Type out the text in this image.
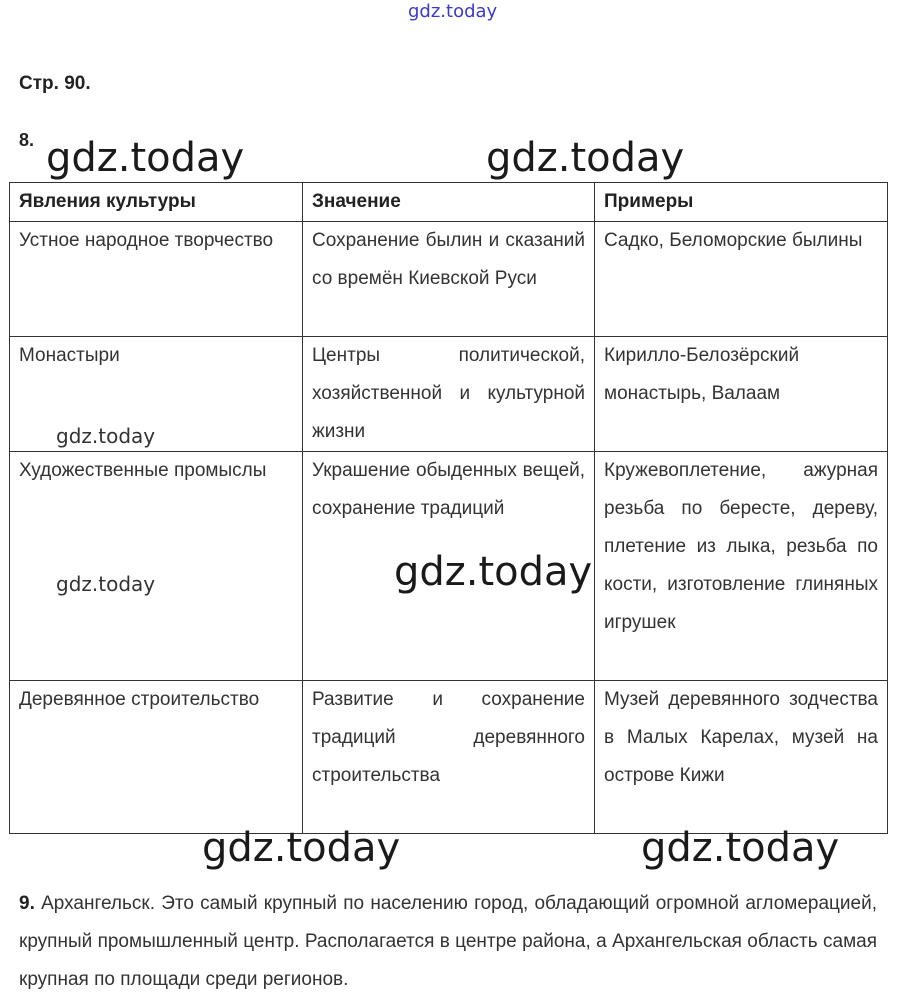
gdz.today
Стр. 90.
8.
Явления культуры	Значение	Примеры
Устное народное творчество	Сохранение былин и сказаний со времён Киевской Руси	Садко, Беломорские былины
Монастыри	Центры политической, хозяйственной и культурной жизни	Кирилло-Белозёрский монастырь, Валаам
Художественные промыслы	Украшение обыденных вещей, сохранение традиций	Кружевоплетение, ажурная резьба по бересте, дереву, плетение из лыка, резьба по кости, изготовление глиняных игрушек
Деревянное строительство	Развитие и сохранение традиций деревянного строительства	Музей деревянного зодчества в Малых Карелах, музей на острове Кижи
9. Архангельск. Это самый крупный по населению город, обладающий огромной агломерацией, крупный промышленный центр. Располагается в центре района, а Архангельская область самая крупная по площади среди регионов.
gdz.today	gdz.today
gdz.today
gdz.today	gdz.today
gdz.today	gdz.today
